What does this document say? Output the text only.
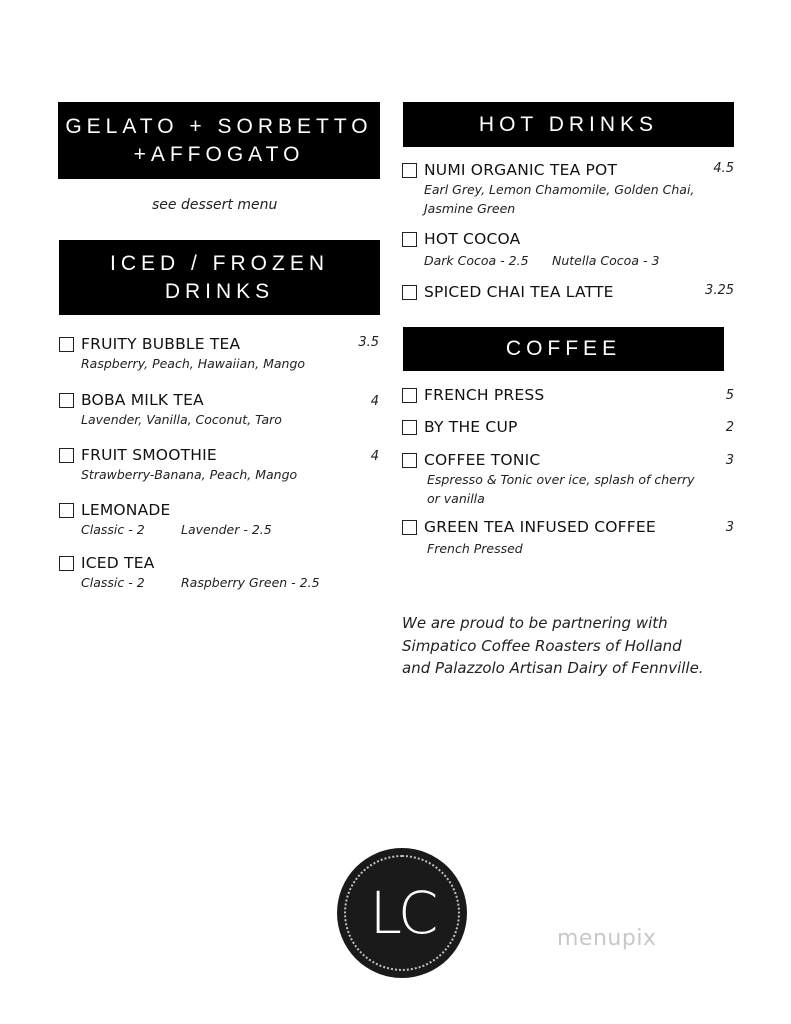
GELATO + SORBETTO
+AFFOGATO
see dessert menu
ICED / FROZEN
DRINKS
FRUITY BUBBLE TEA	3.5
Raspberry, Peach, Hawaiian, Mango
BOBA MILK TEA	4
Lavender, Vanilla, Coconut, Taro
FRUIT SMOOTHIE	4
Strawberry-Banana, Peach, Mango
LEMONADE
Classic - 2	Lavender - 2.5
ICED TEA
Classic - 2	Raspberry Green - 2.5
HOT DRINKS
NUMI ORGANIC TEA POT	4.5
Earl Grey, Lemon Chamomile, Golden Chai,
Jasmine Green
HOT COCOA
Dark Cocoa - 2.5 Nutella Cocoa - 3
SPICED CHAI TEA LATTE	3.25
COFFEE
FRENCH PRESS	5
BY THE CUP	2
COFFEE TONIC	3
Espresso & Tonic over ice, splash of cherry
or vanilla
GREEN TEA INFUSED COFFEE	3
French Pressed
We are proud to be partnering with
Simpatico Coffee Roasters of Holland
and Palazzolo Artisan Dairy of Fennville.
LC	menupix
